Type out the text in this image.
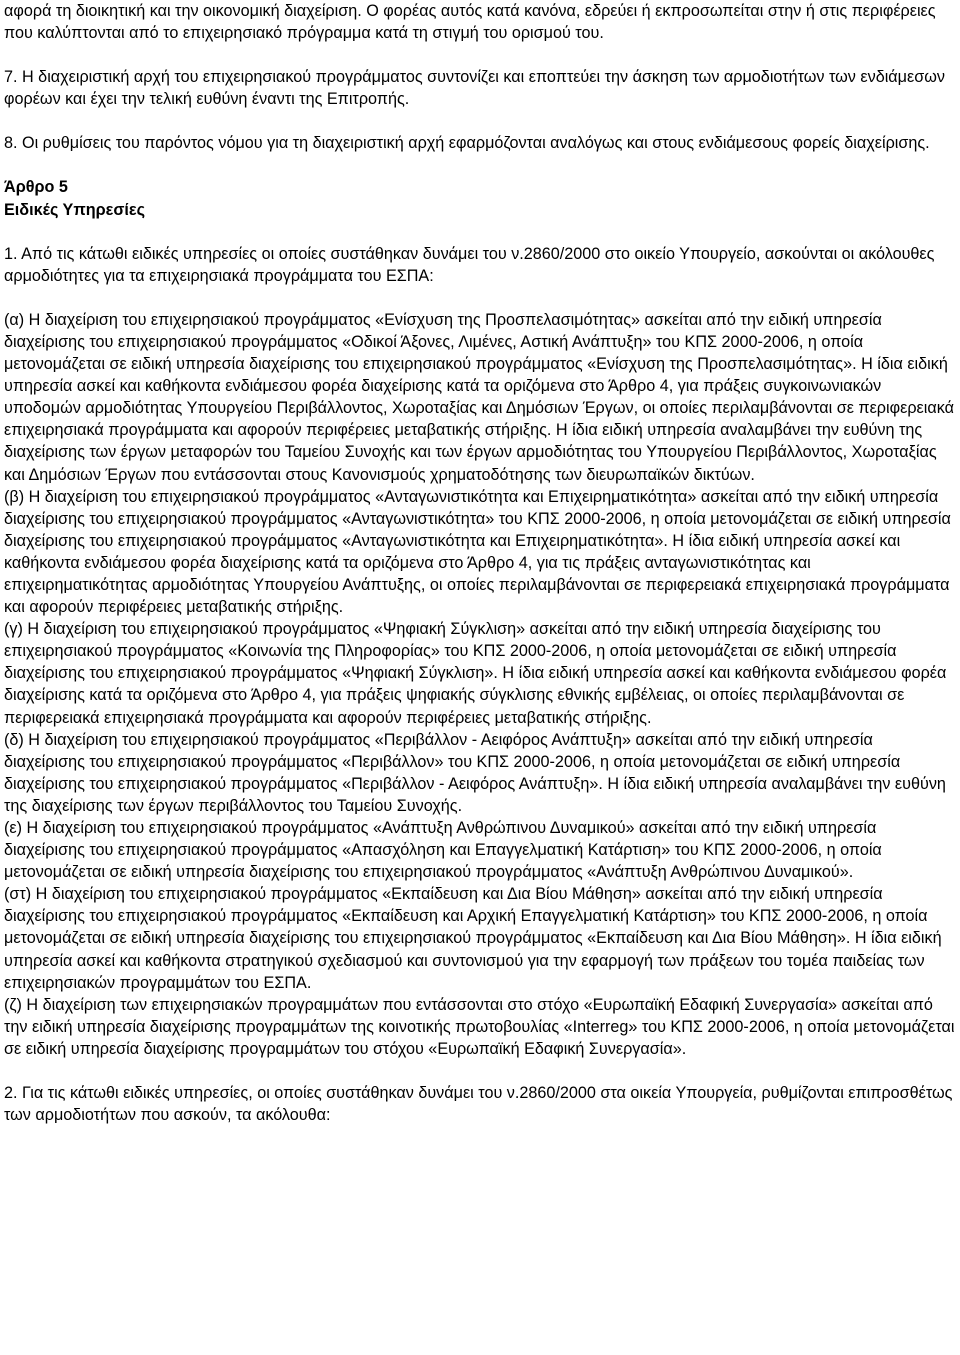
αφορά τη διοικητική και την οικονομική διαχείριση. Ο φορέας αυτός κατά κανόνα, εδρεύει ή εκπροσωπείται στην ή στις περιφέρειες που καλύπτονται από το επιχειρησιακό πρόγραμμα κατά τη στιγμή του ορισμού του.

7. Η διαχειριστική αρχή του επιχειρησιακού προγράμματος συντονίζει και εποπτεύει την άσκηση των αρμοδιοτήτων των ενδιάμεσων φορέων και έχει την τελική ευθύνη έναντι της Επιτροπής.

8. Οι ρυθμίσεις του παρόντος νόμου για τη διαχειριστική αρχή εφαρμόζονται αναλόγως και στους ενδιάμεσους φορείς διαχείρισης.

Άρθρο 5

Ειδικές Υπηρεσίες

1. Από τις κάτωθι ειδικές υπηρεσίες οι οποίες συστάθηκαν δυνάμει του ν.2860/2000 στο οικείο Υπουργείο, ασκούνται οι ακόλουθες αρμοδιότητες για τα επιχειρησιακά προγράμματα του ΕΣΠΑ:

(α) Η διαχείριση του επιχειρησιακού προγράμματος «Ενίσχυση της Προσπελασιμότητας» ασκείται από την ειδική υπηρεσία διαχείρισης του επιχειρησιακού προγράμματος «Οδικοί Άξονες, Λιμένες, Αστική Ανάπτυξη» του ΚΠΣ 2000-2006, η οποία μετονομάζεται σε ειδική υπηρεσία διαχείρισης του επιχειρησιακού προγράμματος «Ενίσχυση της Προσπελασιμότητας». Η ίδια ειδική υπηρεσία ασκεί και καθήκοντα ενδιάμεσου φορέα διαχείρισης κατά τα οριζόμενα στο Άρθρο 4, για πράξεις συγκοινωνιακών υποδομών αρμοδιότητας Υπουργείου Περιβάλλοντος, Χωροταξίας και Δημόσιων Έργων, οι οποίες περιλαμβάνονται σε περιφερειακά επιχειρησιακά προγράμματα και αφορούν περιφέρειες μεταβατικής στήριξης. Η ίδια ειδική υπηρεσία αναλαμβάνει την ευθύνη της διαχείρισης των έργων μεταφορών του Ταμείου Συνοχής και των έργων αρμοδιότητας του Υπουργείου Περιβάλλοντος, Χωροταξίας και Δημόσιων Έργων που εντάσσονται στους Κανονισμούς χρηματοδότησης των διευρωπαϊκών δικτύων.

(β) Η διαχείριση του επιχειρησιακού προγράμματος «Ανταγωνιστικότητα και Επιχειρηματικότητα» ασκείται από την ειδική υπηρεσία διαχείρισης του επιχειρησιακού προγράμματος «Ανταγωνιστικότητα» του ΚΠΣ 2000-2006, η οποία μετονομάζεται σε ειδική υπηρεσία διαχείρισης του επιχειρησιακού προγράμματος «Ανταγωνιστικότητα και Επιχειρηματικότητα». Η ίδια ειδική υπηρεσία ασκεί και καθήκοντα ενδιάμεσου φορέα διαχείρισης κατά τα οριζόμενα στο Άρθρο 4, για τις πράξεις ανταγωνιστικότητας και επιχειρηματικότητας αρμοδιότητας Υπουργείου Ανάπτυξης, οι οποίες περιλαμβάνονται σε περιφερειακά επιχειρησιακά προγράμματα και αφορούν περιφέρειες μεταβατικής στήριξης.

(γ) Η διαχείριση του επιχειρησιακού προγράμματος «Ψηφιακή Σύγκλιση» ασκείται από την ειδική υπηρεσία διαχείρισης του επιχειρησιακού προγράμματος «Κοινωνία της Πληροφορίας» του ΚΠΣ 2000-2006, η οποία μετονομάζεται σε ειδική υπηρεσία διαχείρισης του επιχειρησιακού προγράμματος «Ψηφιακή Σύγκλιση». Η ίδια ειδική υπηρεσία ασκεί και καθήκοντα ενδιάμεσου φορέα διαχείρισης κατά τα οριζόμενα στο Άρθρο 4, για πράξεις ψηφιακής σύγκλισης εθνικής εμβέλειας, οι οποίες περιλαμβάνονται σε περιφερειακά επιχειρησιακά προγράμματα και αφορούν περιφέρειες μεταβατικής στήριξης.

(δ) Η διαχείριση του επιχειρησιακού προγράμματος «Περιβάλλον - Αειφόρος Ανάπτυξη» ασκείται από την ειδική υπηρεσία διαχείρισης του επιχειρησιακού προγράμματος «Περιβάλλον» του ΚΠΣ 2000-2006, η οποία μετονομάζεται σε ειδική υπηρεσία διαχείρισης του επιχειρησιακού προγράμματος «Περιβάλλον - Αειφόρος Ανάπτυξη». Η ίδια ειδική υπηρεσία αναλαμβάνει την ευθύνη της διαχείρισης των έργων περιβάλλοντος του Ταμείου Συνοχής.

(ε) Η διαχείριση του επιχειρησιακού προγράμματος «Ανάπτυξη Ανθρώπινου Δυναμικού» ασκείται από την ειδική υπηρεσία διαχείρισης του επιχειρησιακού προγράμματος «Απασχόληση και Επαγγελματική Κατάρτιση» του ΚΠΣ 2000-2006, η οποία μετονομάζεται σε ειδική υπηρεσία διαχείρισης του επιχειρησιακού προγράμματος «Ανάπτυξη Ανθρώπινου Δυναμικού».

(στ) Η διαχείριση του επιχειρησιακού προγράμματος «Εκπαίδευση και Δια Βίου Μάθηση» ασκείται από την ειδική υπηρεσία διαχείρισης του επιχειρησιακού προγράμματος «Εκπαίδευση και Αρχική Επαγγελματική Κατάρτιση» του ΚΠΣ 2000-2006, η οποία μετονομάζεται σε ειδική υπηρεσία διαχείρισης του επιχειρησιακού προγράμματος «Εκπαίδευση και Δια Βίου Μάθηση». Η ίδια ειδική υπηρεσία ασκεί και καθήκοντα στρατηγικού σχεδιασμού και συντονισμού για την εφαρμογή των πράξεων του τομέα παιδείας των επιχειρησιακών προγραμμάτων του ΕΣΠΑ.

(ζ) Η διαχείριση των επιχειρησιακών προγραμμάτων που εντάσσονται στο στόχο «Ευρωπαϊκή Εδαφική Συνεργασία» ασκείται από την ειδική υπηρεσία διαχείρισης προγραμμάτων της κοινοτικής πρωτοβουλίας «Interreg» του ΚΠΣ 2000-2006, η οποία μετονομάζεται σε ειδική υπηρεσία διαχείρισης προγραμμάτων του στόχου «Ευρωπαϊκή Εδαφική Συνεργασία».

2. Για τις κάτωθι ειδικές υπηρεσίες, οι οποίες συστάθηκαν δυνάμει του ν.2860/2000 στα οικεία Υπουργεία, ρυθμίζονται επιπροσθέτως των αρμοδιοτήτων που ασκούν, τα ακόλουθα:
